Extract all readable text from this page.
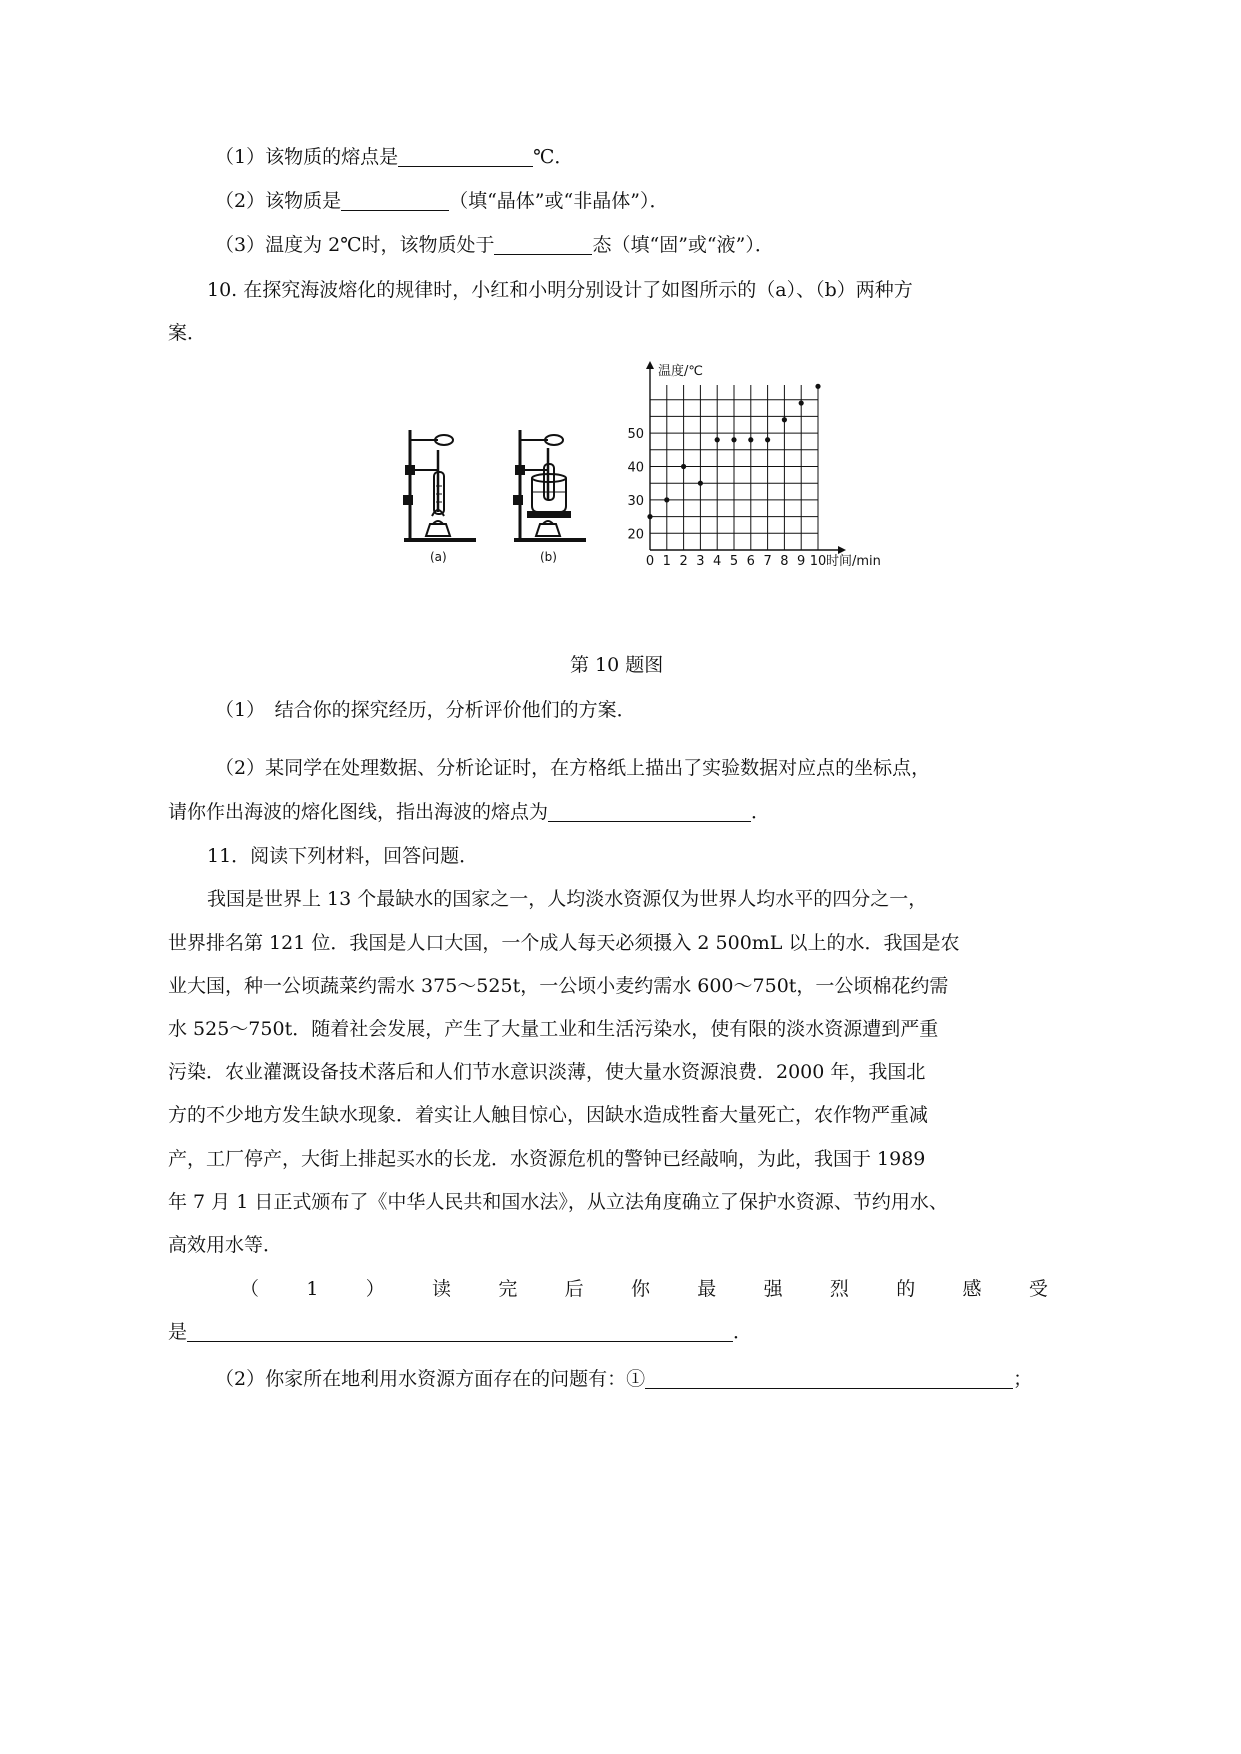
（1）该物质的熔点是	℃．
（2）该物质是	（填“晶体”或“非晶体”）．
（3）温度为 2℃时，该物质处于	态（填“固”或“液”）．
10. 在探究海波熔化的规律时，小红和小明分别设计了如图所示的（a）、（b）两种方
案．
(a)	(b)
温度/℃
0 1 2 3 4 5 6 7 8 9 10 时间/min
20
30
40
50
第 10 题图
（1）　结合你的探究经历，分析评价他们的方案．
（2）某同学在处理数据、分析论证时，在方格纸上描出了实验数据对应点的坐标点，
请你作出海波的熔化图线，指出海波的熔点为	．
11．阅读下列材料，回答问题．
我国是世界上 13 个最缺水的国家之一，人均淡水资源仅为世界人均水平的四分之一，
世界排名第 121 位．我国是人口大国，一个成人每天必须摄入 2 500mL 以上的水．我国是农
业大国，种一公顷蔬菜约需水 375～525t，一公顷小麦约需水 600～750t，一公顷棉花约需
水 525～750t．随着社会发展，产生了大量工业和生活污染水，使有限的淡水资源遭到严重
污染．农业灌溉设备技术落后和人们节水意识淡薄，使大量水资源浪费．2000 年，我国北
方的不少地方发生缺水现象．着实让人触目惊心，因缺水造成牲畜大量死亡，农作物严重减
产，工厂停产，大街上排起买水的长龙．水资源危机的警钟已经敲响，为此，我国于 1989
年 7 月 1 日正式颁布了《中华人民共和国水法》，从立法角度确立了保护水资源、节约用水、
高效用水等．
（ 1 ） 读 完 后 你 最 强 烈 的 感 受
是	．
（2）你家所在地利用水资源方面存在的问题有：①	；
